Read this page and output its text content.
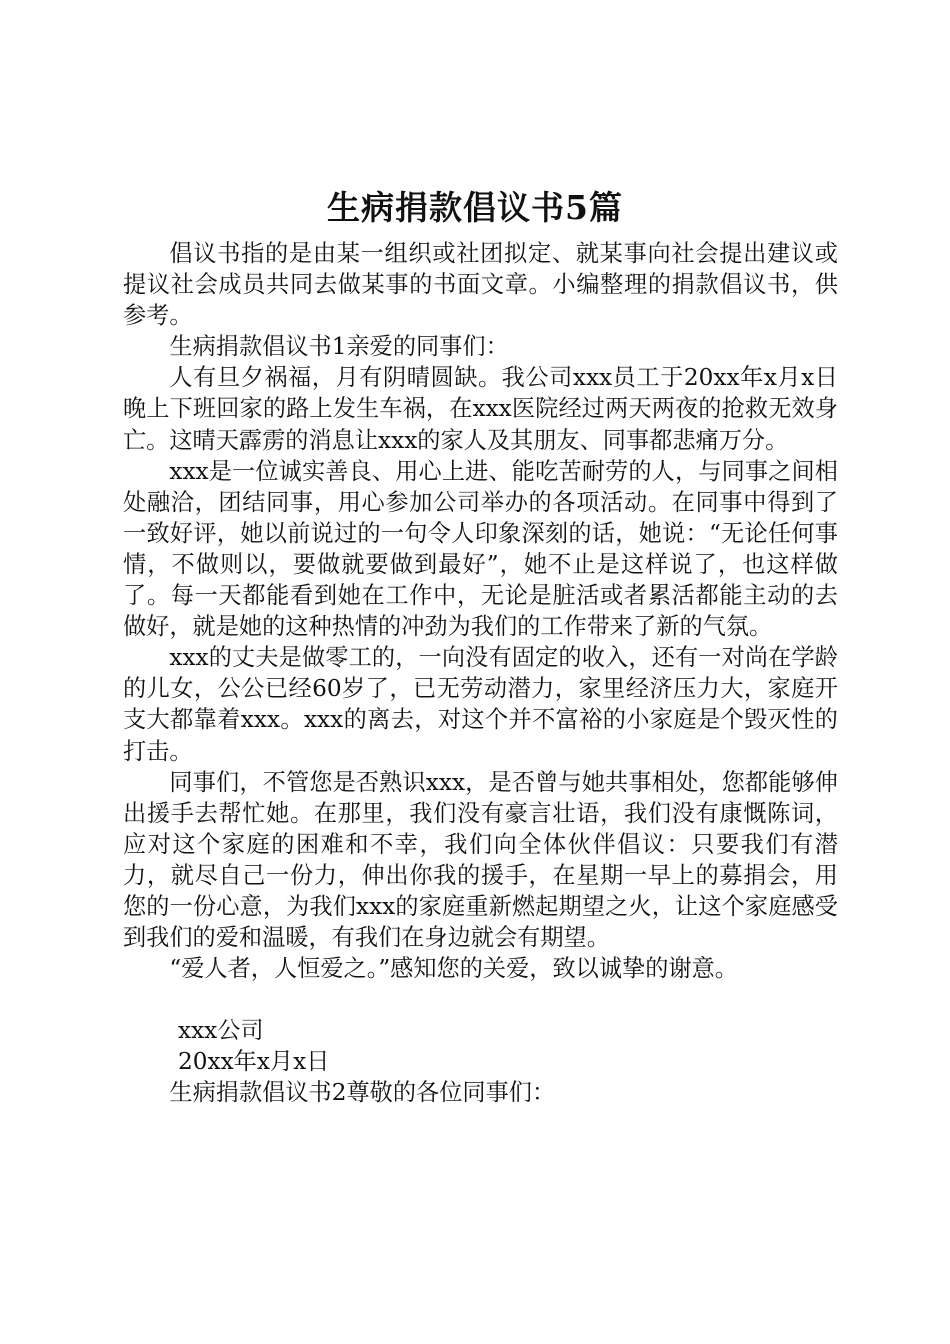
生病捐款倡议书5篇

倡议书指的是由某一组织或社团拟定、就某事向社会提出建议或提议社会成员共同去做某事的书面文章。小编整理的捐款倡议书，供参考。

生病捐款倡议书1亲爱的同事们：

人有旦夕祸福，月有阴晴圆缺。我公司xxx员工于20xx年x月x日晚上下班回家的路上发生车祸，在xxx医院经过两天两夜的抢救无效身亡。这晴天霹雳的消息让xxx的家人及其朋友、同事都悲痛万分。

xxx是一位诚实善良、用心上进、能吃苦耐劳的人，与同事之间相处融洽，团结同事，用心参加公司举办的各项活动。在同事中得到了一致好评，她以前说过的一句令人印象深刻的话，她说：“无论任何事情，不做则以，要做就要做到最好”，她不止是这样说了，也这样做了。每一天都能看到她在工作中，无论是脏活或者累活都能主动的去做好，就是她的这种热情的冲劲为我们的工作带来了新的气氛。

xxx的丈夫是做零工的，一向没有固定的收入，还有一对尚在学龄的儿女，公公已经60岁了，已无劳动潜力，家里经济压力大，家庭开支大都靠着xxx。xxx的离去，对这个并不富裕的小家庭是个毁灭性的打击。

同事们，不管您是否熟识xxx，是否曾与她共事相处，您都能够伸出援手去帮忙她。在那里，我们没有豪言壮语，我们没有康慨陈词，应对这个家庭的困难和不幸，我们向全体伙伴倡议：只要我们有潜力，就尽自己一份力，伸出你我的援手，在星期一早上的募捐会，用您的一份心意，为我们xxx的家庭重新燃起期望之火，让这个家庭感受到我们的爱和温暖，有我们在身边就会有期望。

“爱人者，人恒爱之。”感知您的关爱，致以诚挚的谢意。

xxx公司

20xx年x月x日

生病捐款倡议书2尊敬的各位同事们：
